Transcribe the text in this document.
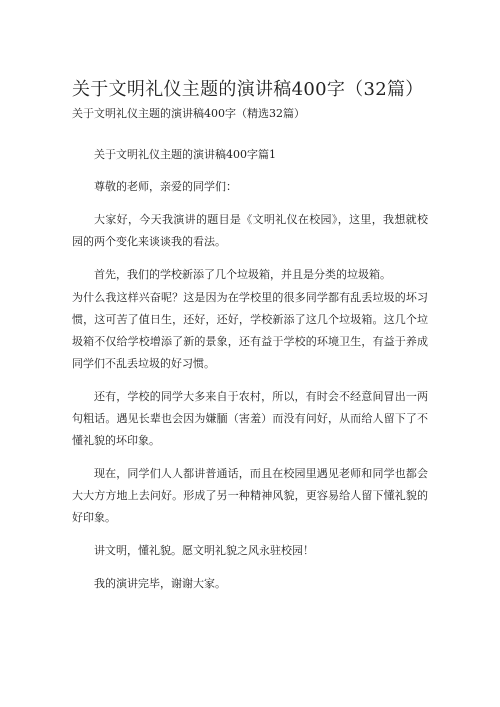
关于文明礼仪主题的演讲稿400字（32篇）
关于文明礼仪主题的演讲稿400字（精选32篇）

关于文明礼仪主题的演讲稿400字篇1

尊敬的老师，亲爱的同学们：

大家好，今天我演讲的题目是《文明礼仪在校园》，这里，我想就校园的两个变化来谈谈我的看法。

首先，我们的学校新添了几个垃圾箱，并且是分类的垃圾箱。

为什么我这样兴奋呢？这是因为在学校里的很多同学都有乱丢垃圾的坏习惯，这可苦了值日生，还好，还好，学校新添了这几个垃圾箱。这几个垃圾箱不仅给学校增添了新的景象，还有益于学校的环境卫生，有益于养成同学们不乱丢垃圾的好习惯。

还有，学校的同学大多来自于农村，所以，有时会不经意间冒出一两句粗话。遇见长辈也会因为嫌腼（害羞）而没有问好，从而给人留下了不懂礼貌的坏印象。

现在，同学们人人都讲普通话，而且在校园里遇见老师和同学也都会大大方方地上去问好。形成了另一种精神风貌，更容易给人留下懂礼貌的好印象。

讲文明，懂礼貌。愿文明礼貌之风永驻校园！

我的演讲完毕，谢谢大家。
